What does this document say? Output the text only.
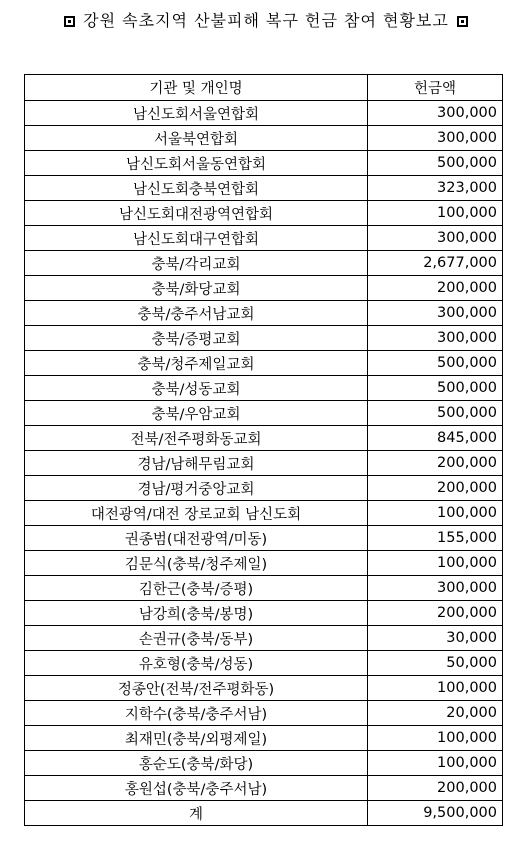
강원 속초지역 산불피해 복구 헌금 참여 현황보고
기관 및 개인명	헌금액
남신도회서울연합회	300,000
서울북연합회	300,000
남신도회서울동연합회	500,000
남신도회충북연합회	323,000
남신도회대전광역연합회	100,000
남신도회대구연합회	300,000
충북/각리교회	2,677,000
충북/화당교회	200,000
충북/충주서남교회	300,000
충북/증평교회	300,000
충북/청주제일교회	500,000
충북/성동교회	500,000
충북/우암교회	500,000
전북/전주평화동교회	845,000
경남/남해무림교회	200,000
경남/평거중앙교회	200,000
대전광역/대전 장로교회 남신도회	100,000
권종범(대전광역/미동)	155,000
김문식(충북/청주제일)	100,000
김한근(충북/증평)	300,000
남강희(충북/봉명)	200,000
손권규(충북/동부)	30,000
유호형(충북/성동)	50,000
정종안(전북/전주평화동)	100,000
지학수(충북/충주서남)	20,000
최재민(충북/외평제일)	100,000
홍순도(충북/화당)	100,000
홍원섭(충북/충주서남)	200,000
계	9,500,000
